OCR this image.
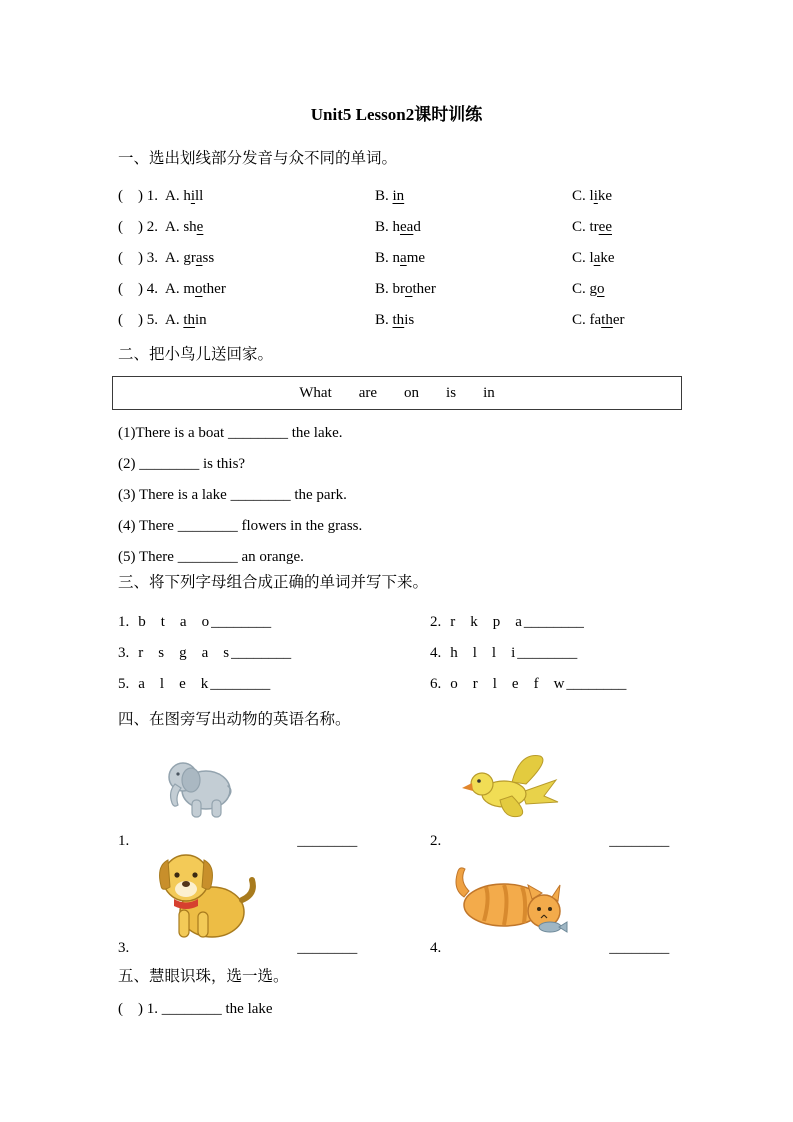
Unit5 Lesson2课时训练
一、选出划线部分发音与众不同的单词。
( ) 1. A. hill	B. in	C. like
( ) 2. A. she	B. head	C. tree
( ) 3. A. grass	B. name	C. lake
( ) 4. A. mother	B. brother	C. go
( ) 5. A. thin	B. this	C. father
二、把小鸟儿送回家。
What are on is in
(1)There is a boat ________ the lake.
(2) ________ is this?
(3) There is a lake ________ the park.
(4) There ________ flowers in the grass.
(5) There ________ an orange.
三、将下列字母组合成正确的单词并写下来。
1. b t a o ________	2. r k p a ________
3. r s g a s ________	4. h l l i ________
5. a l e k ________	6. o r l e f w ________
四、在图旁写出动物的英语名称。
1.	________	2.	________
3.	________	4.	________
五、慧眼识珠，选一选。
( ) 1. ________ the lake
